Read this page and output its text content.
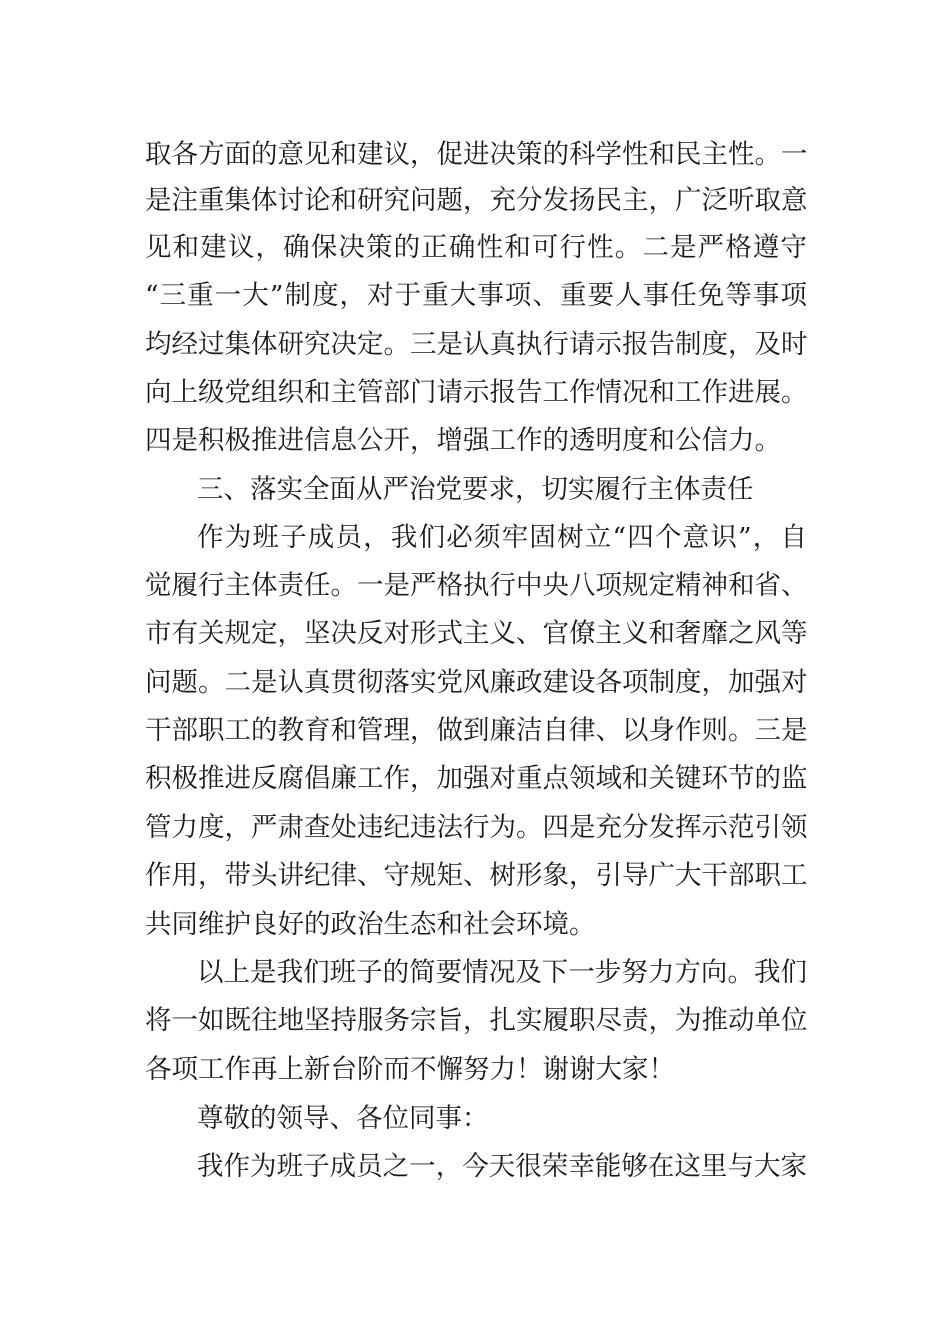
取各方面的意见和建议，促进决策的科学性和民主性。一
是注重集体讨论和研究问题，充分发扬民主，广泛听取意
见和建议，确保决策的正确性和可行性。二是严格遵守
“三重一大”制度，对于重大事项、重要人事任免等事项
均经过集体研究决定。三是认真执行请示报告制度，及时
向上级党组织和主管部门请示报告工作情况和工作进展。
四是积极推进信息公开，增强工作的透明度和公信力。
三、落实全面从严治党要求，切实履行主体责任
作为班子成员，我们必须牢固树立“四个意识”，自
觉履行主体责任。一是严格执行中央八项规定精神和省、
市有关规定，坚决反对形式主义、官僚主义和奢靡之风等
问题。二是认真贯彻落实党风廉政建设各项制度，加强对
干部职工的教育和管理，做到廉洁自律、以身作则。三是
积极推进反腐倡廉工作，加强对重点领域和关键环节的监
管力度，严肃查处违纪违法行为。四是充分发挥示范引领
作用，带头讲纪律、守规矩、树形象，引导广大干部职工
共同维护良好的政治生态和社会环境。
以上是我们班子的简要情况及下一步努力方向。我们
将一如既往地坚持服务宗旨，扎实履职尽责，为推动单位
各项工作再上新台阶而不懈努力！谢谢大家！
尊敬的领导、各位同事：
我作为班子成员之一，今天很荣幸能够在这里与大家
